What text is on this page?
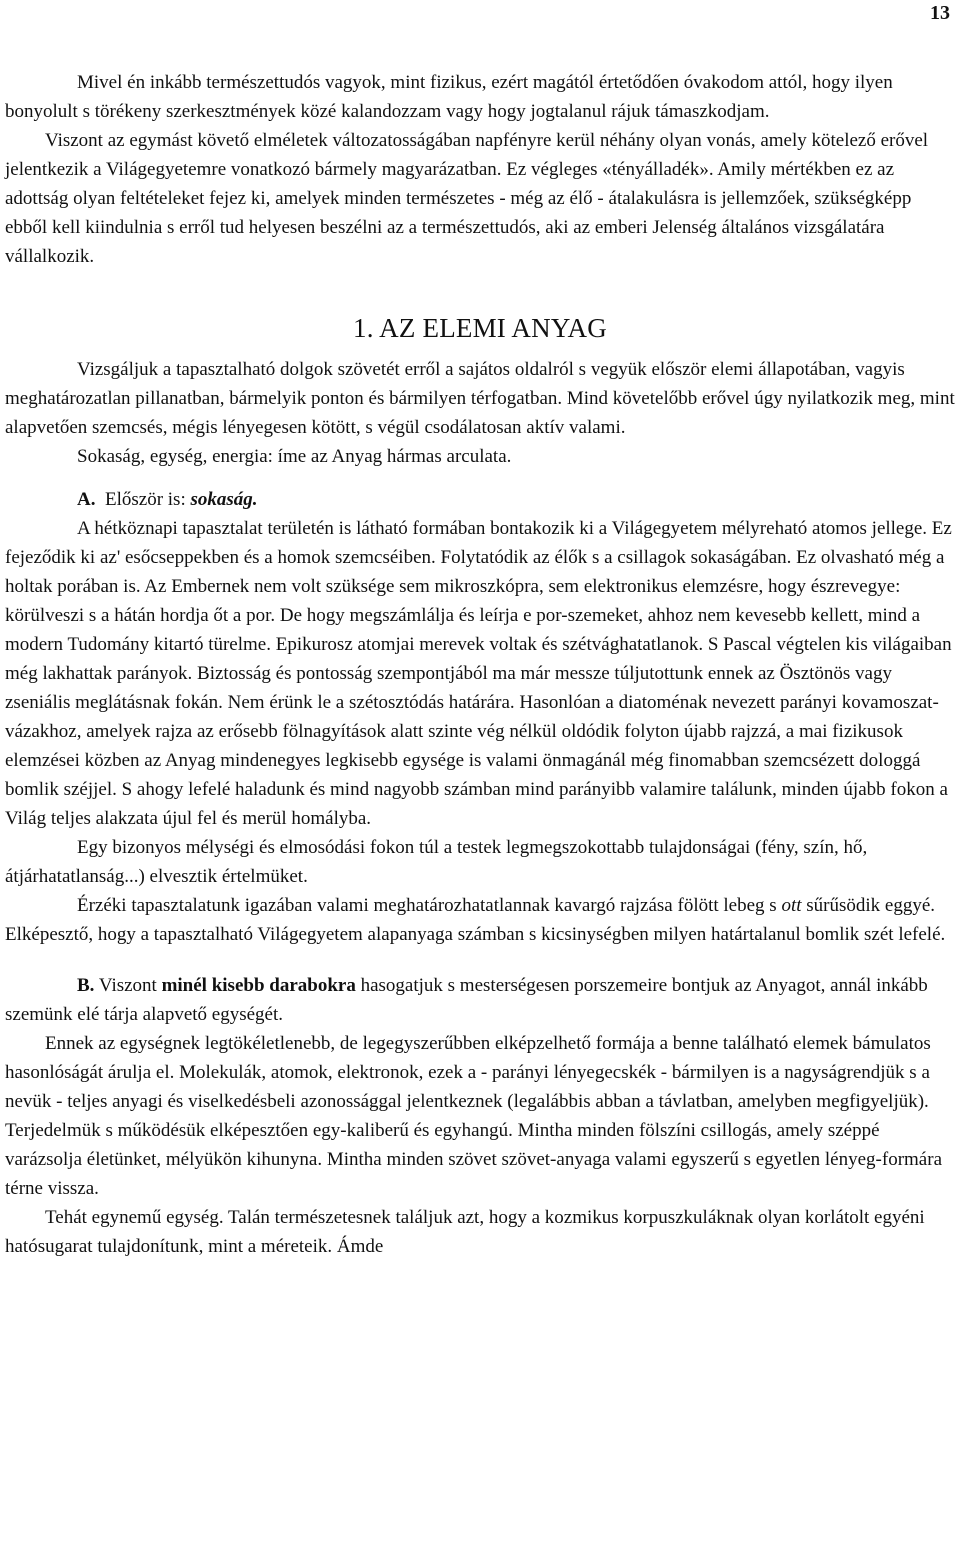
13

Mivel én inkább természettudós vagyok, mint fizikus, ezért magától értetődően óvakodom attól, hogy ilyen bonyolult s törékeny szerkesztmények közé kalandozzam vagy hogy jogtalanul rájuk támaszkodjam.

Viszont az egymást követő elméletek változatosságában napfényre kerül néhány olyan vonás, amely kötelező erővel jelentkezik a Világegyetemre vonatkozó bármely magyarázatban. Ez végleges «tényálladék». Amily mértékben ez az adottság olyan feltételeket fejez ki, amelyek minden természetes - még az élő - átalakulásra is jellemzőek, szükségképp ebből kell kiindulnia s erről tud helyesen beszélni az a természettudós, aki az emberi Jelenség általános vizsgálatára vállalkozik.

1. AZ ELEMI ANYAG

Vizsgáljuk a tapasztalható dolgok szövetét erről a sajátos oldalról s vegyük először elemi állapotában, vagyis meghatározatlan pillanatban, bármelyik ponton és bármilyen térfogatban. Mind követelőbb erővel úgy nyilatkozik meg, mint alapvetően szemcsés, mégis lényegesen kötött, s végül csodálatosan aktív valami.

Sokaság, egység, energia: íme az Anyag hármas arculata.

A. Először is: sokaság.

A hétköznapi tapasztalat területén is látható formában bontakozik ki a Világegyetem mélyreható atomos jellege. Ez fejeződik ki az' esőcseppekben és a homok szemcséiben. Folytatódik az élők s a csillagok sokaságában. Ez olvasható még a holtak porában is. Az Embernek nem volt szüksége sem mikroszkópra, sem elektronikus elemzésre, hogy észrevegye: körülveszi s a hátán hordja őt a por. De hogy megszámlálja és leírja e por-szemeket, ahhoz nem kevesebb kellett, mind a modern Tudomány kitartó türelme. Epikurosz atomjai merevek voltak és szétvághatatlanok. S Pascal végtelen kis világaiban még lakhattak parányok. Biztosság és pontosság szempontjából ma már messze túljutottunk ennek az Ösztönös vagy zseniális meglátásnak fokán. Nem érünk le a szétosztódás határára. Hasonlóan a diatoménak nevezett parányi kovamoszat-vázakhoz, amelyek rajza az erősebb fölnagyítások alatt szinte vég nélkül oldódik folyton újabb rajzzá, a mai fizikusok elemzései közben az Anyag mindenegyes legkisebb egysége is valami önmagánál még finomabban szemcsézett dologgá bomlik széjjel. S ahogy lefelé haladunk és mind nagyobb számban mind parányibb valamire találunk, minden újabb fokon a Világ teljes alakzata újul fel és merül homályba.

Egy bizonyos mélységi és elmosódási fokon túl a testek legmegszokottabb tulajdonságai (fény, szín, hő, átjárhatatlanság...) elvesztik értelmüket.

Érzéki tapasztalatunk igazában valami meghatározhatatlannak kavargó rajzása fölött lebeg s ott sűrűsödik eggyé. Elképesztő, hogy a tapasztalható Világegyetem alapanyaga számban s kicsinységben milyen határtalanul bomlik szét lefelé.

B. Viszont minél kisebb darabokra hasogatjuk s mesterségesen porszemeire bontjuk az Anyagot, annál inkább szemünk elé tárja alapvető egységét.

Ennek az egységnek legtökéletlenebb, de legegyszerűbben elképzelhető formája a benne található elemek bámulatos hasonlóságát árulja el. Molekulák, atomok, elektronok, ezek a - parányi lényegecskék - bármilyen is a nagyságrendjük s a nevük - teljes anyagi és viselkedésbeli azonossággal jelentkeznek (legalábbis abban a távlatban, amelyben megfigyeljük). Terjedelmük s működésük elképesztően egy-kaliberű és egyhangú. Mintha minden fölszíni csillogás, amely széppé varázsolja életünket, mélyükön kihunyna. Mintha minden szövet szövet-anyaga valami egyszerű s egyetlen lényeg-formára térne vissza.

Tehát egynemű egység. Talán természetesnek találjuk azt, hogy a kozmikus korpuszkuláknak olyan korlátolt egyéni hatósugarat tulajdonítunk, mint a méreteik. Ámde
